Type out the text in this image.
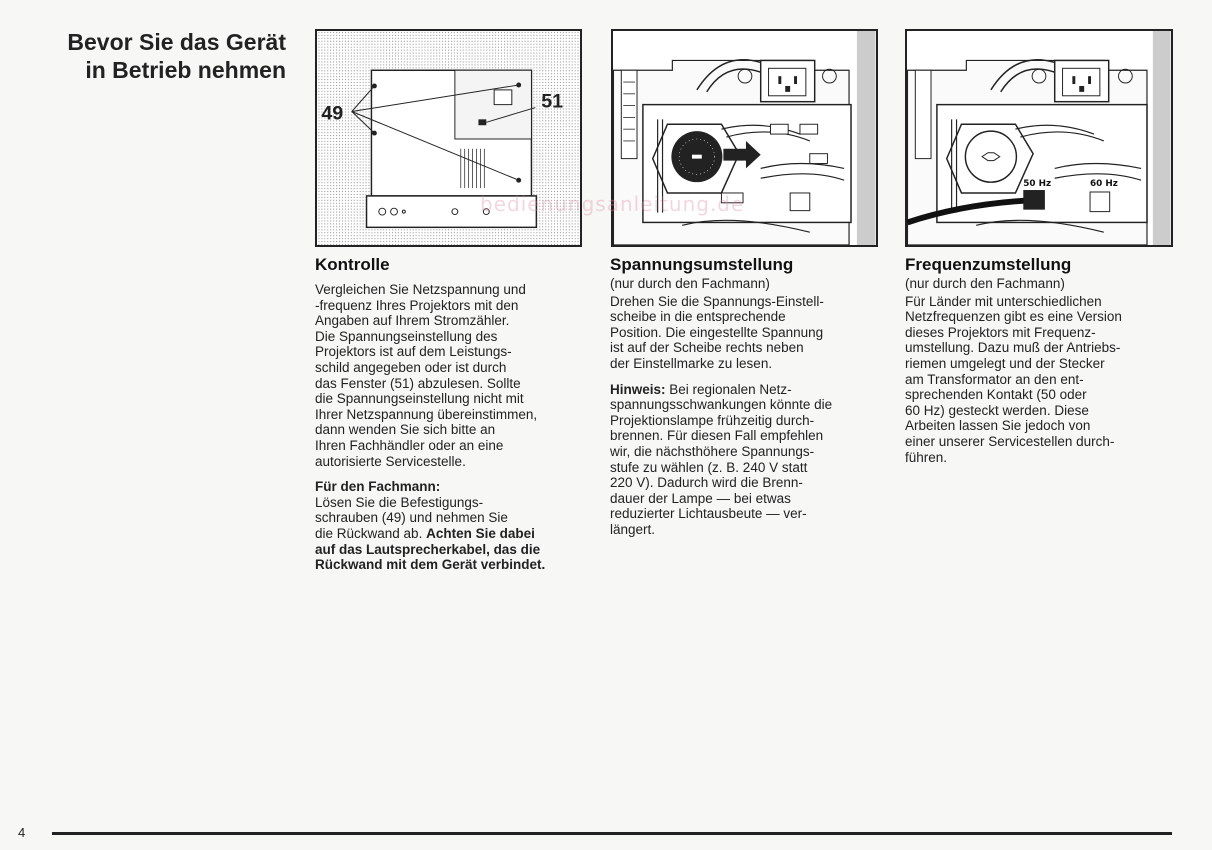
Bevor Sie das Gerät
in Betrieb nehmen
49
51
50 Hz	60 Hz
bedienungsanleitung.de
Kontrolle

Vergleichen Sie Netzspannung und
-frequenz Ihres Projektors mit den
Angaben auf Ihrem Stromzähler.
Die Spannungseinstellung des
Projektors ist auf dem Leistungs-
schild angegeben oder ist durch
das Fenster (51) abzulesen. Sollte
die Spannungseinstellung nicht mit
Ihrer Netzspannung übereinstimmen,
dann wenden Sie sich bitte an
Ihren Fachhändler oder an eine
autorisierte Servicestelle.

Für den Fachmann:

Lösen Sie die Befestigungs-
schrauben (49) und nehmen Sie
die Rückwand ab. Achten Sie dabei
auf das Lautsprecherkabel, das die
Rückwand mit dem Gerät verbindet.

Spannungsumstellung

(nur durch den Fachmann)

Drehen Sie die Spannungs-Einstell-
scheibe in die entsprechende
Position. Die eingestellte Spannung
ist auf der Scheibe rechts neben
der Einstellmarke zu lesen.

Hinweis: Bei regionalen Netz-
spannungsschwankungen könnte die
Projektionslampe frühzeitig durch-
brennen. Für diesen Fall empfehlen
wir, die nächsthöhere Spannungs-
stufe zu wählen (z. B. 240 V statt
220 V). Dadurch wird die Brenn-
dauer der Lampe — bei etwas
reduzierter Lichtausbeute — ver-
längert.

Frequenzumstellung

(nur durch den Fachmann)

Für Länder mit unterschiedlichen
Netzfrequenzen gibt es eine Version
dieses Projektors mit Frequenz-
umstellung. Dazu muß der Antriebs-
riemen umgelegt und der Stecker
am Transformator an den ent-
sprechenden Kontakt (50 oder
60 Hz) gesteckt werden. Diese
Arbeiten lassen Sie jedoch von
einer unserer Servicestellen durch-
führen.

4
